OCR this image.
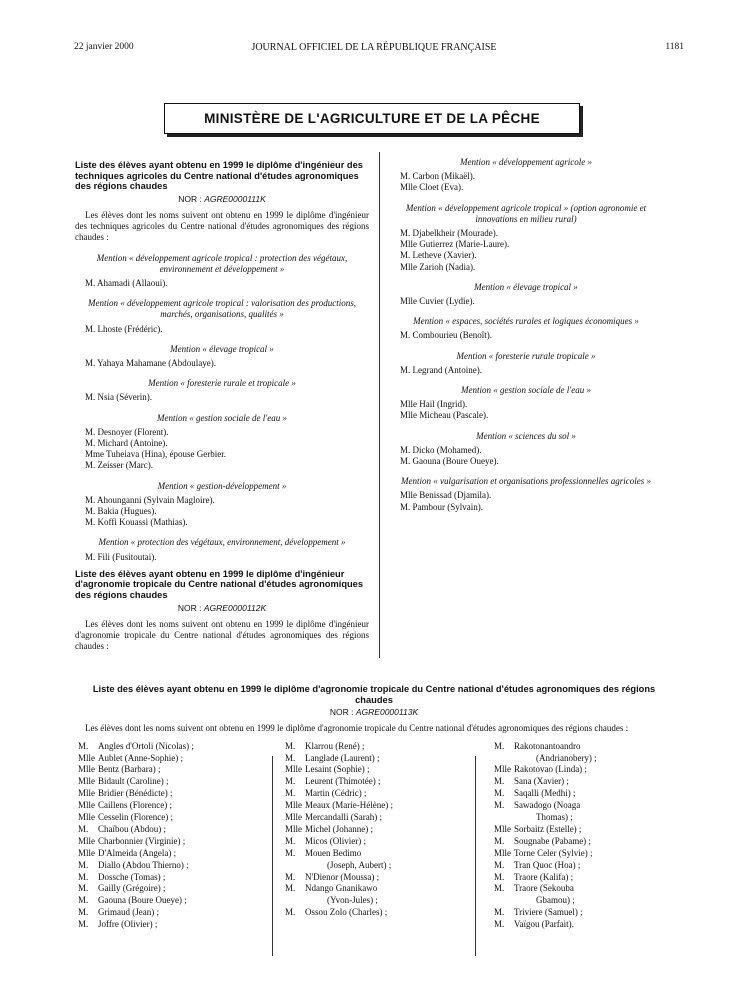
22 janvier 2000	JOURNAL OFFICIEL DE LA RÉPUBLIQUE FRANÇAISE	1181
MINISTÈRE DE L'AGRICULTURE ET DE LA PÊCHE
Liste des élèves ayant obtenu en 1999 le diplôme d'ingénieur des techniques agricoles du Centre national d'études agronomiques des régions chaudes
NOR : AGRE0000111K

Les élèves dont les noms suivent ont obtenu en 1999 le diplôme d'ingénieur des techniques agricoles du Centre national d'études agronomiques des régions chaudes :

Mention « développement agricole tropical : protection des végétaux, environnement et développement »
M. Ahamadi (Allaoui).
Mention « développement agricole tropical : valorisation des productions, marchés, organisations, qualités »
M. Lhoste (Frédéric).
Mention « élevage tropical »
M. Yahaya Mahamane (Abdoulaye).
Mention « foresterie rurale et tropicale »
M. Nsia (Séverin).
Mention « gestion sociale de l'eau »
M. Desnoyer (Florent).
M. Michard (Antoine).
Mme Tuheiava (Hina), épouse Gerbier.
M. Zeisser (Marc).
Mention « gestion-développement »
M. Ahounganni (Sylvain Magloire).
M. Bakia (Hugues).
M. Koffi Kouassi (Mathias).
Mention « protection des végétaux, environnement, développement »
M. Fili (Fusitoutai).
Liste des élèves ayant obtenu en 1999 le diplôme d'ingénieur d'agronomie tropicale du Centre national d'études agronomiques des régions chaudes
NOR : AGRE0000112K

Les élèves dont les noms suivent ont obtenu en 1999 le diplôme d'ingénieur d'agronomie tropicale du Centre national d'études agronomiques des régions chaudes :

Mention « développement agricole »
M. Carbon (Mikaël).
Mlle Cloet (Eva).
Mention « développement agricole tropical » (option agronomie et innovations en milieu rural)
M. Djabelkheir (Mourade).
Mlle Gutierrez (Marie-Laure).
M. Letheve (Xavier).
Mlle Zarioh (Nadia).
Mention « élevage tropical »
Mlle Cuvier (Lydie).
Mention « espaces, sociétés rurales et logiques économiques »
M. Combourieu (Benoît).
Mention « foresterie rurale tropicale »
M. Legrand (Antoine).
Mention « gestion sociale de l'eau »
Mlle Hail (Ingrid).
Mlle Micheau (Pascale).
Mention « sciences du sol »
M. Dicko (Mohamed).
M. Gaouna (Boure Oueye).
Mention « vulgarisation et organisations professionnelles agricoles »
Mlle Benissad (Djamila).
M. Pambour (Sylvain).
Liste des élèves ayant obtenu en 1999 le diplôme d'agronomie tropicale du Centre national d'études agronomiques des régions chaudes
NOR : AGRE0000113K

Les élèves dont les noms suivent ont obtenu en 1999 le diplôme d'agronomie tropicale du Centre national d'études agronomiques des régions chaudes :

M.	Angles d'Ortoli (Nicolas) ;
Mlle Aublet (Anne-Sophie) ;
Mlle Bentz (Barbara) ;
Mlle Bidault (Caroline) ;
Mlle Bridier (Bénédicte) ;
Mlle Caillens (Florence) ;
Mlle Cesselin (Florence) ;
M.	Chaïbou (Abdou) ;
Mlle Charbonnier (Virginie) ;
Mlle D'Almeida (Angela) ;
M.	Diallo (Abdou Thierno) ;
M.	Dossche (Tomas) ;
M.	Gailly (Grégoire) ;
M.	Gaouna (Boure Oueye) ;
M.	Grimaud (Jean) ;
M.	Joffre (Olivier) ;
M.	Klarrou (René) ;
M.	Langlade (Laurent) ;
Mlle Lesaint (Sophie) ;
M.	Leurent (Thimotée) ;
M.	Martin (Cédric) ;
Mlle Meaux (Marie-Hélène) ;
Mlle Mercandalli (Sarah) ;
Mlle Michel (Johanne) ;
M.	Micos (Olivier) ;
M.	Mouen Bedimo
(Joseph, Aubert) ;
M.	N'Dienor (Moussa) ;
M.	Ndango Gnanikawo
(Yvon-Jules) ;
M.	Ossou Zolo (Charles) ;
M.	Rakotonantoandro
(Andrianobery) ;
Mlle Rakotovao (Linda) ;
M.	Sana (Xavier) ;
M.	Saqalli (Medhi) ;
M.	Sawadogo (Noaga
Thomas) ;
Mlle Sorbaitz (Estelle) ;
M.	Sougnabe (Pabame) ;
Mlle Torne Celer (Sylvie) ;
M.	Tran Quoc (Hoa) ;
M.	Traore (Kalifa) ;
M.	Traore (Sekouba
Gbamou) ;
M.	Triviere (Samuel) ;
M.	Vaïgou (Parfait).
